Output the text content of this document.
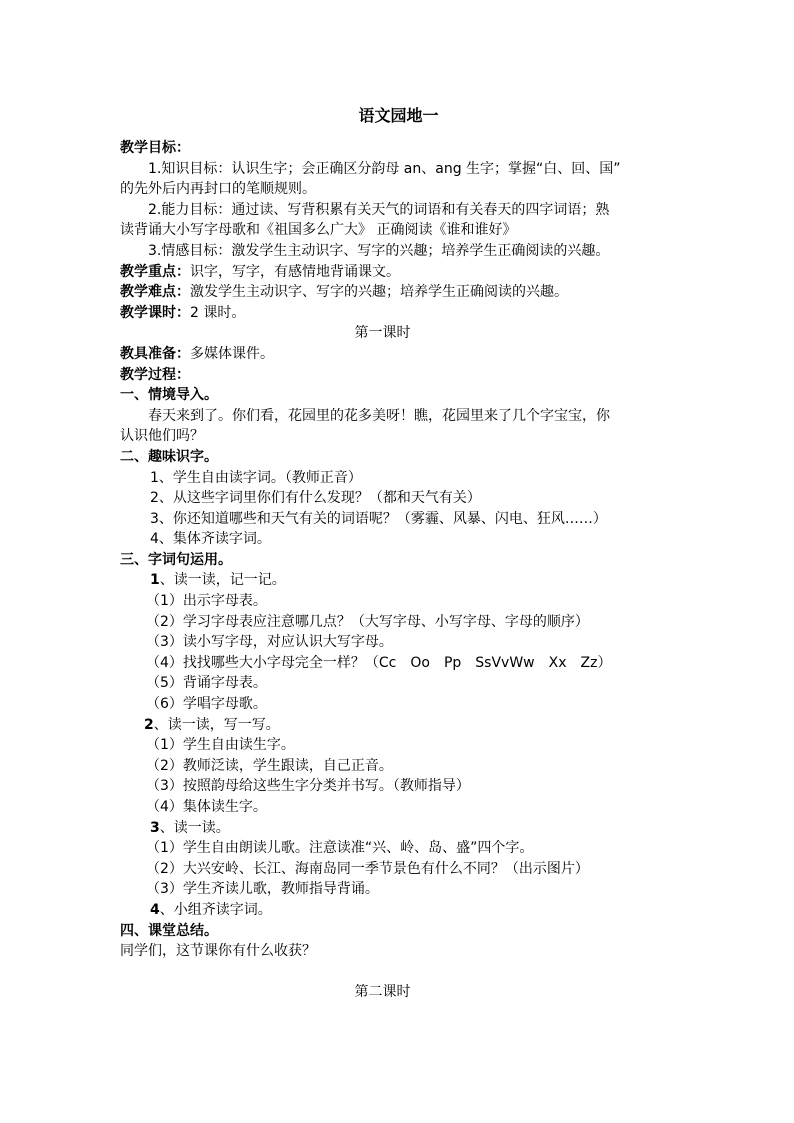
语文园地一
教学目标：
1.知识目标：认识生字；会正确区分韵母 an、ang 生字；掌握“白、回、国”
的先外后内再封口的笔顺规则。
2.能力目标：通过读、写背积累有关天气的词语和有关春天的四字词语；熟
读背诵大小写字母歌和《祖国多么广大》 正确阅读《谁和谁好》
3.情感目标：激发学生主动识字、写字的兴趣；培养学生正确阅读的兴趣。
教学重点：识字，写字，有感情地背诵课文。
教学难点：激发学生主动识字、写字的兴趣；培养学生正确阅读的兴趣。
教学课时：2 课时。
第一课时
教具准备：多媒体课件。
教学过程：
一、情境导入。
春天来到了。你们看，花园里的花多美呀！瞧，花园里来了几个字宝宝，你
认识他们吗？
二、趣味识字。
1、学生自由读字词。（教师正音）
2、从这些字词里你们有什么发现？（都和天气有关）
3、你还知道哪些和天气有关的词语呢？（雾霾、风暴、闪电、狂风……）
4、集体齐读字词。
三、字词句运用。
1、读一读，记一记。
（1）出示字母表。
（2）学习字母表应注意哪几点？（大写字母、小写字母、字母的顺序）
（3）读小写字母，对应认识大写字母。
（4）找找哪些大小字母完全一样？（Cc　Oo　Pp　SsVvWw　Xx　Zz）
（5）背诵字母表。
（6）学唱字母歌。
2、读一读，写一写。
（1）学生自由读生字。
（2）教师泛读，学生跟读，自己正音。
（3）按照韵母给这些生字分类并书写。（教师指导）
（4）集体读生字。
3、读一读。
（1）学生自由朗读儿歌。注意读准“兴、岭、岛、盛”四个字。
（2）大兴安岭、长江、海南岛同一季节景色有什么不同？（出示图片）
（3）学生齐读儿歌，教师指导背诵。
4、小组齐读字词。
四、课堂总结。
同学们，这节课你有什么收获？
第二课时
